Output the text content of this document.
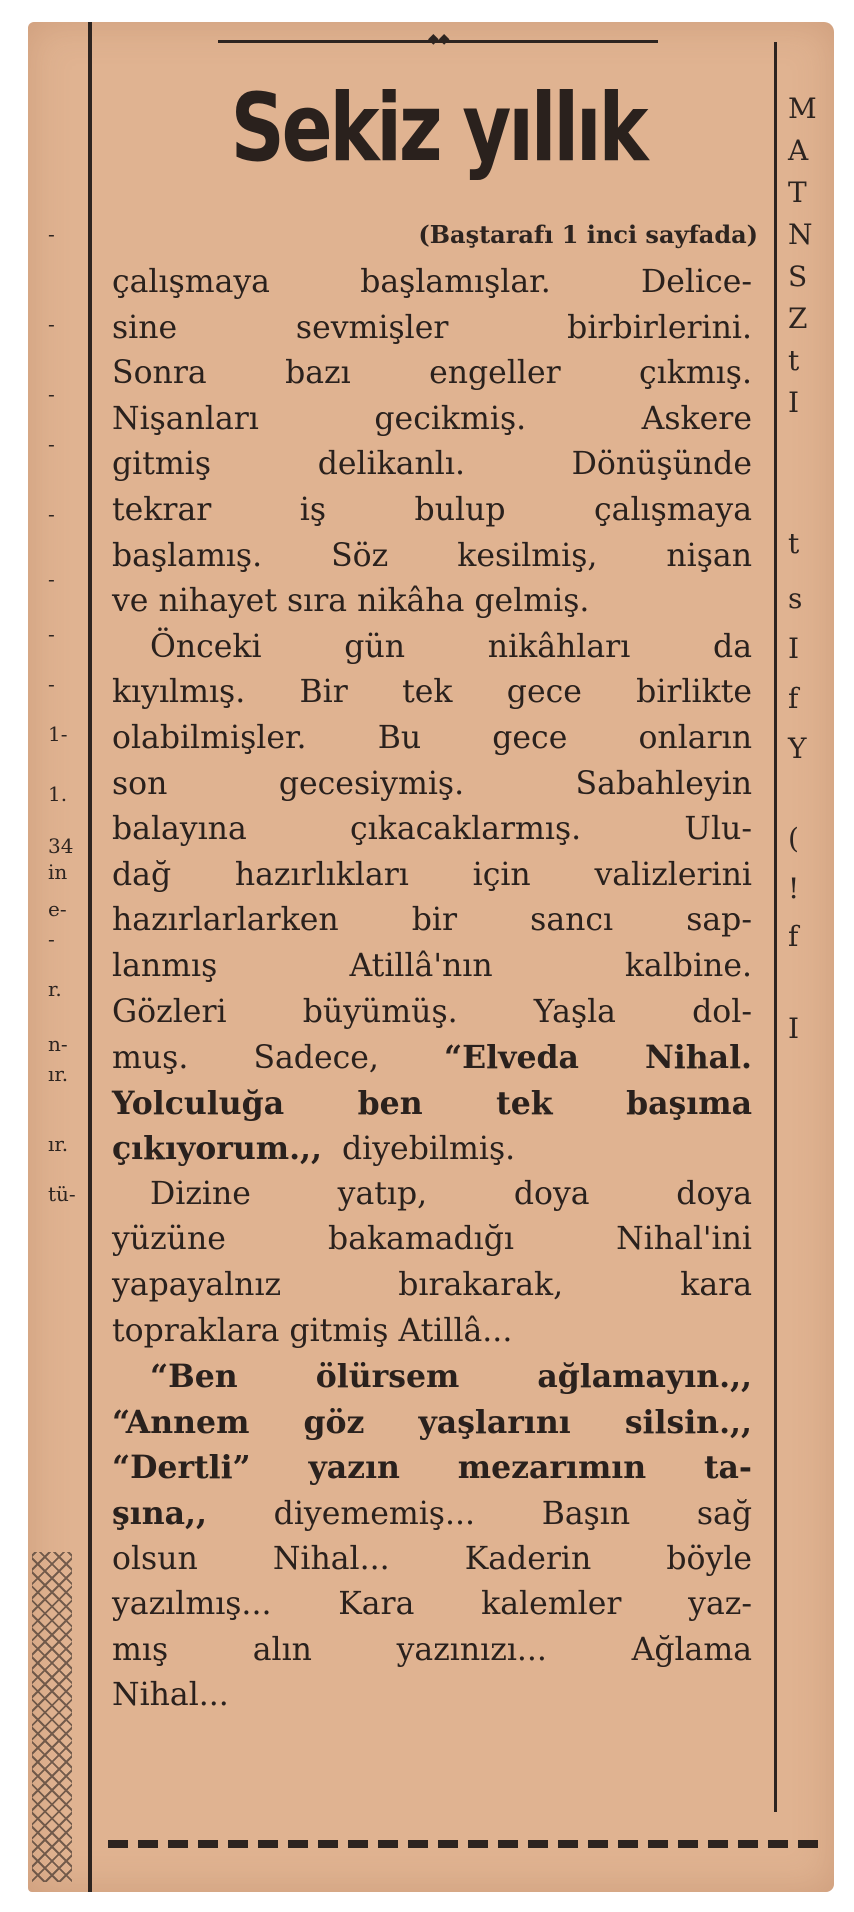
-
-
-
-
-
-
-
-
1-
1.
34
in
e-
-
r.
n-
ır.
ır.
tü-
◆◆
Sekiz yıllık
(Baştarafı 1 inci sayfada)
çalışmaya başlamışlar. Delice-
sine sevmişler birbirlerini.
Sonra bazı engeller çıkmış.
Nişanları gecikmiş. Askere
gitmiş delikanlı. Dönüşünde
tekrar iş bulup çalışmaya
başlamış. Söz kesilmiş, nişan
ve nihayet sıra nikâha gelmiş.
Önceki gün nikâhları da
kıyılmış. Bir tek gece birlikte
olabilmişler. Bu gece onların
son gecesiymiş. Sabahleyin
balayına çıkacaklarmış. Ulu-
dağ hazırlıkları için valizlerini
hazırlarlarken bir sancı sap-
lanmış Atillâ'nın kalbine.
Gözleri büyümüş. Yaşla dol-
muş. Sadece, “Elveda Nihal.
Yolculuğa ben tek başıma
çıkıyorum.,, diyebilmiş.
Dizine yatıp, doya doya
yüzüne bakamadığı Nihal'ini
yapayalnız bırakarak, kara
topraklara gitmiş Atillâ...
“Ben ölürsem ağlamayın.,,
“Annem göz yaşlarını silsin.,,
“Dertli” yazın mezarımın ta-
şına,, diyememiş... Başın sağ
olsun Nihal... Kaderin böyle
yazılmış... Kara kalemler yaz-
mış alın yazınızı... Ağlama
Nihal...
M
A
T
N
S
Z
t
I
t
s
I
f
Y
(
!
f
I
